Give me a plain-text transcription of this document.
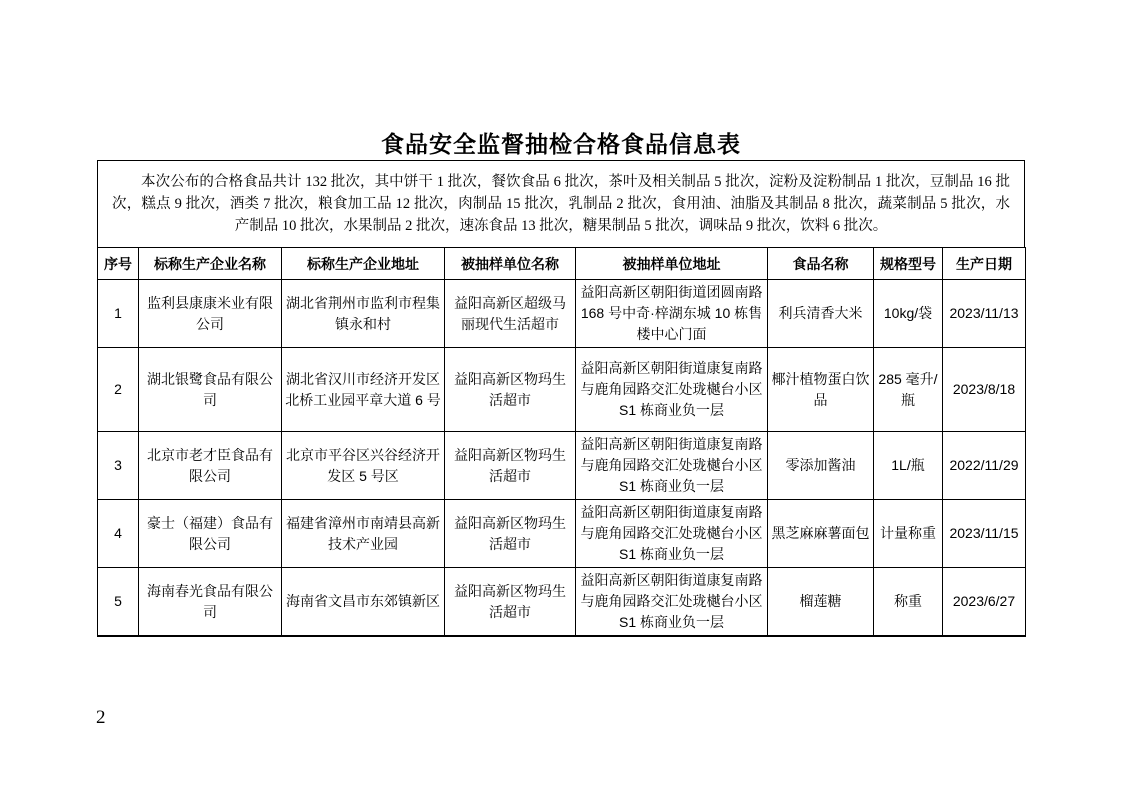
食品安全监督抽检合格食品信息表
本次公布的合格食品共计 132 批次，其中饼干 1 批次，餐饮食品 6 批次，茶叶及相关制品 5 批次，淀粉及淀粉制品 1 批次，豆制品 16 批次，糕点 9 批次，酒类 7 批次，粮食加工品 12 批次，肉制品 15 批次，乳制品 2 批次，食用油、油脂及其制品 8 批次，蔬菜制品 5 批次，水产制品 10 批次，水果制品 2 批次，速冻食品 13 批次，糖果制品 5 批次，调味品 9 批次，饮料 6 批次。
序号	标称生产企业名称	标称生产企业地址	被抽样单位名称	被抽样单位地址	食品名称	规格型号	生产日期
1	监利县康康米业有限公司	湖北省荆州市监利市程集镇永和村	益阳高新区超级马丽现代生活超市	益阳高新区朝阳街道团圆南路 168 号中奇·梓湖东城 10 栋售楼中心门面	利兵清香大米	10kg/袋	2023/11/13
2	湖北银鹭食品有限公司	湖北省汉川市经济开发区北桥工业园平章大道 6 号	益阳高新区物玛生活超市	益阳高新区朝阳街道康复南路与鹿角园路交汇处珑樾台小区 S1 栋商业负一层	椰汁植物蛋白饮品	285 毫升/瓶	2023/8/18
3	北京市老才臣食品有限公司	北京市平谷区兴谷经济开发区 5 号区	益阳高新区物玛生活超市	益阳高新区朝阳街道康复南路与鹿角园路交汇处珑樾台小区 S1 栋商业负一层	零添加酱油	1L/瓶	2022/11/29
4	豪士（福建）食品有限公司	福建省漳州市南靖县高新技术产业园	益阳高新区物玛生活超市	益阳高新区朝阳街道康复南路与鹿角园路交汇处珑樾台小区 S1 栋商业负一层	黑芝麻麻薯面包	计量称重	2023/11/15
5	海南春光食品有限公司	海南省文昌市东郊镇新区	益阳高新区物玛生活超市	益阳高新区朝阳街道康复南路与鹿角园路交汇处珑樾台小区 S1 栋商业负一层	榴莲糖	称重	2023/6/27
2
